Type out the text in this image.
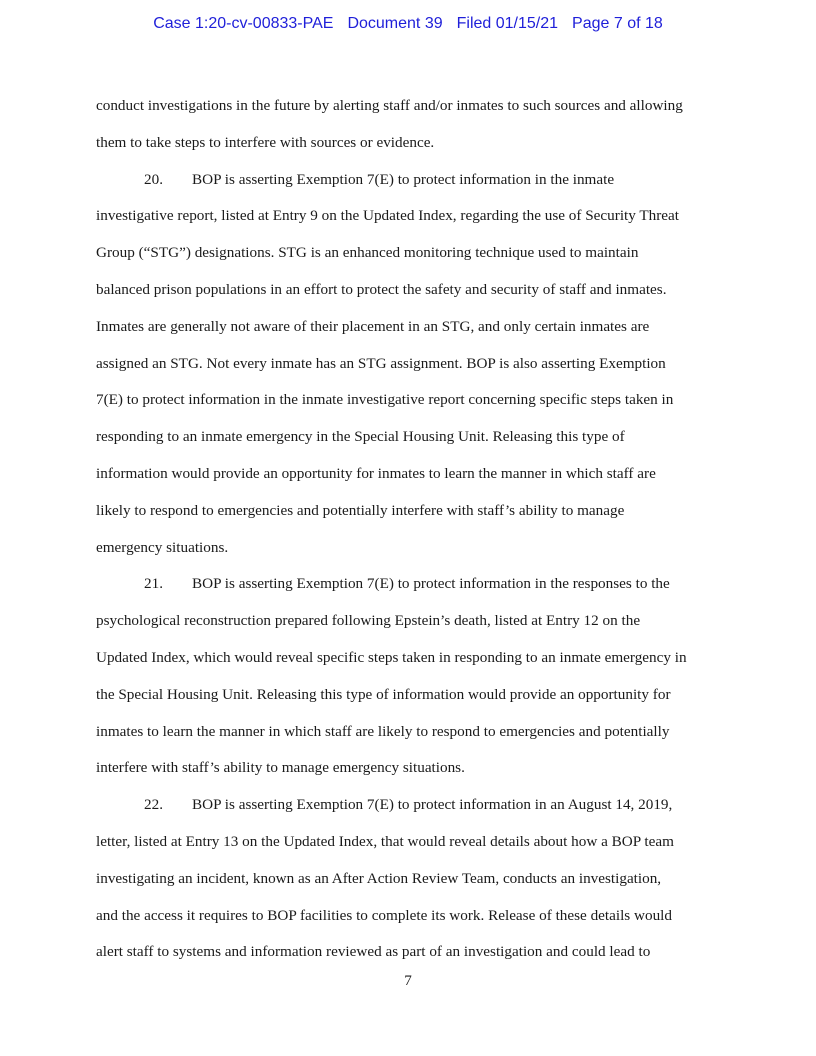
Case 1:20-cv-00833-PAE Document 39 Filed 01/15/21 Page 7 of 18
conduct investigations in the future by alerting staff and/or inmates to such sources and allowing
them to take steps to interfere with sources or evidence.
20. BOP is asserting Exemption 7(E) to protect information in the inmate
investigative report, listed at Entry 9 on the Updated Index, regarding the use of Security Threat
Group (“STG”) designations. STG is an enhanced monitoring technique used to maintain
balanced prison populations in an effort to protect the safety and security of staff and inmates.
Inmates are generally not aware of their placement in an STG, and only certain inmates are
assigned an STG. Not every inmate has an STG assignment. BOP is also asserting Exemption
7(E) to protect information in the inmate investigative report concerning specific steps taken in
responding to an inmate emergency in the Special Housing Unit. Releasing this type of
information would provide an opportunity for inmates to learn the manner in which staff are
likely to respond to emergencies and potentially interfere with staff’s ability to manage
emergency situations.
21. BOP is asserting Exemption 7(E) to protect information in the responses to the
psychological reconstruction prepared following Epstein’s death, listed at Entry 12 on the
Updated Index, which would reveal specific steps taken in responding to an inmate emergency in
the Special Housing Unit. Releasing this type of information would provide an opportunity for
inmates to learn the manner in which staff are likely to respond to emergencies and potentially
interfere with staff’s ability to manage emergency situations.
22. BOP is asserting Exemption 7(E) to protect information in an August 14, 2019,
letter, listed at Entry 13 on the Updated Index, that would reveal details about how a BOP team
investigating an incident, known as an After Action Review Team, conducts an investigation,
and the access it requires to BOP facilities to complete its work. Release of these details would
alert staff to systems and information reviewed as part of an investigation and could lead to
7
